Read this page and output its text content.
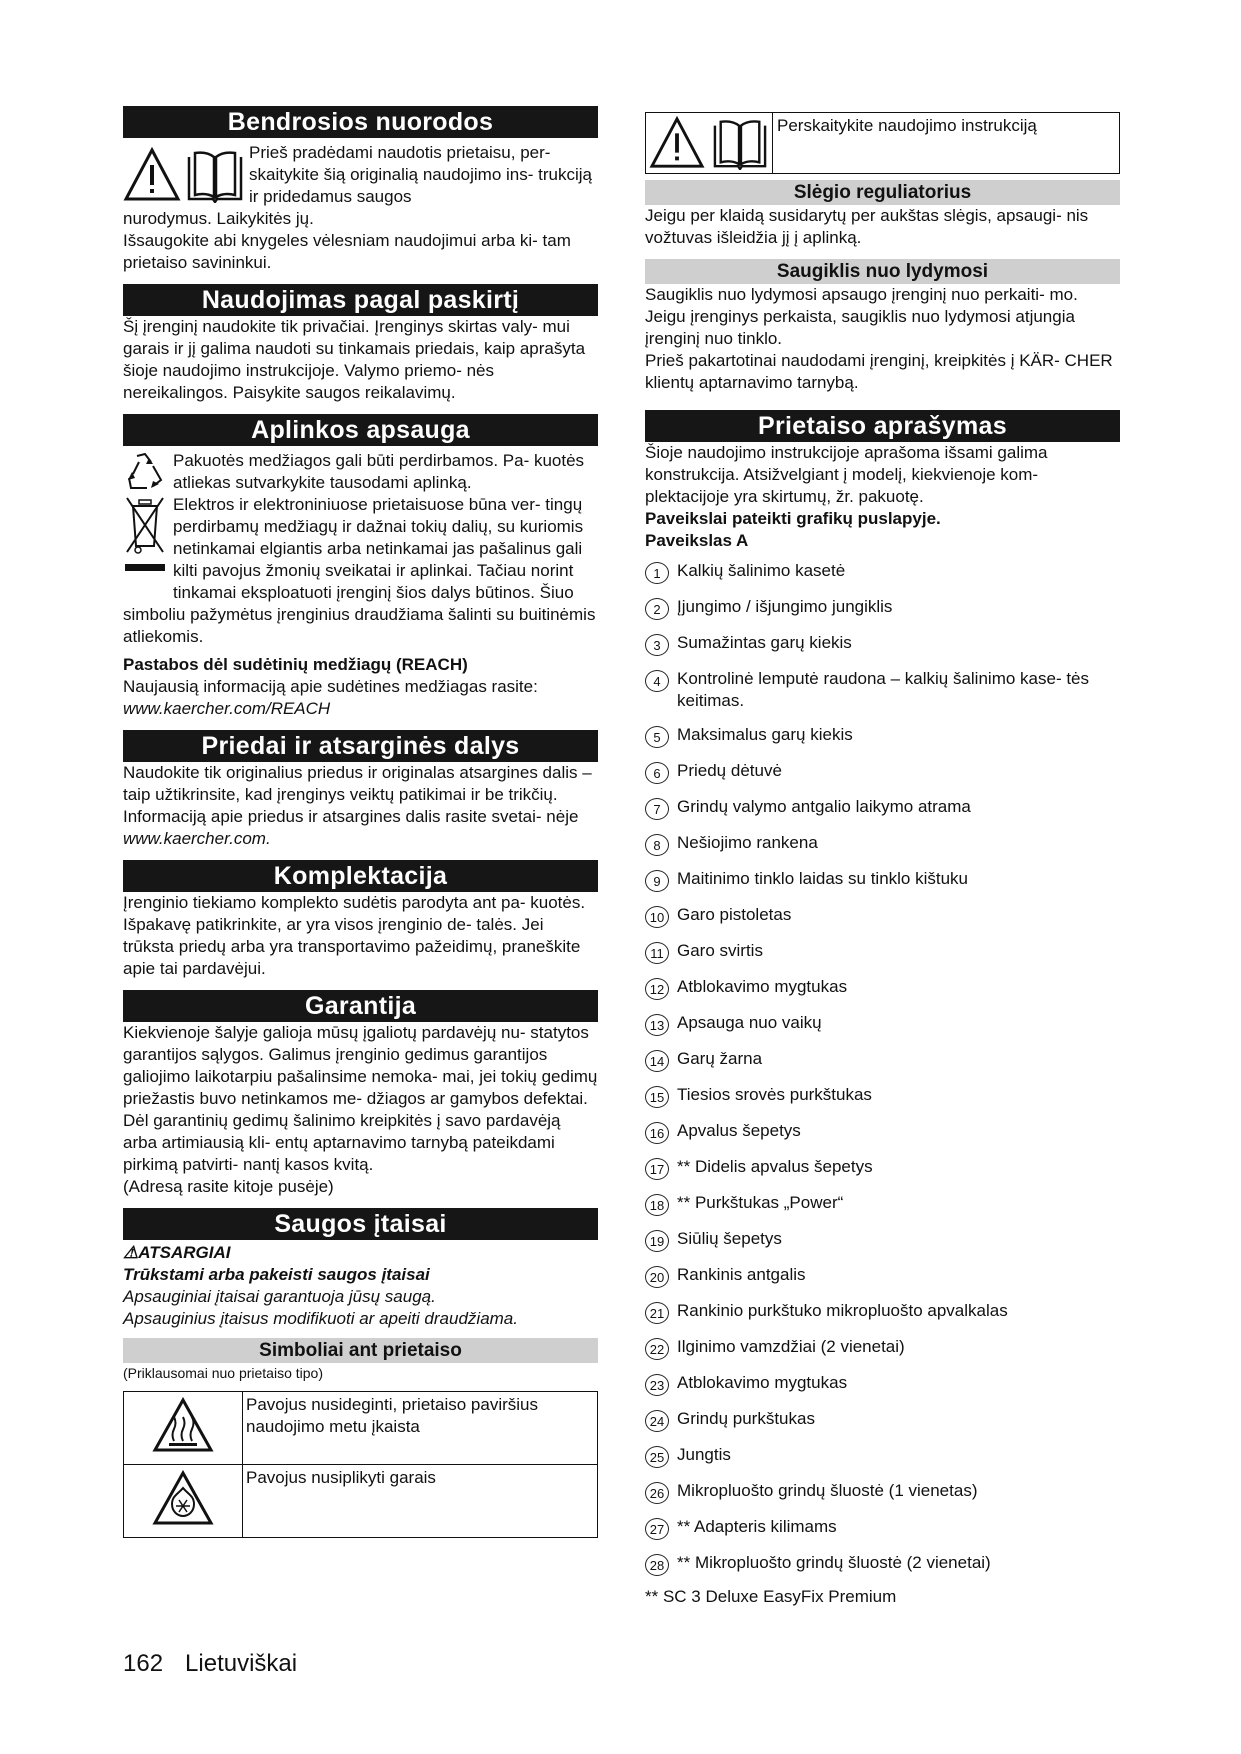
Bendrosios nuorodos

Prieš pradėdami naudotis prietaisu, per- skaitykite šią originalią naudojimo ins- trukciją ir pridedamus saugos

nurodymus. Laikykitės jų.

Išsaugokite abi knygeles vėlesniam naudojimui arba ki- tam prietaiso savininkui.

Naudojimas pagal paskirtį

Šį įrenginį naudokite tik privačiai. Įrenginys skirtas valy- mui garais ir jį galima naudoti su tinkamais priedais, kaip aprašyta šioje naudojimo instrukcijoje. Valymo priemo- nės nereikalingos. Paisykite saugos reikalavimų.

Aplinkos apsauga

Pakuotės medžiagos gali būti perdirbamos. Pa- kuotės atliekas sutvarkykite tausodami aplinką.

Elektros ir elektroniniuose prietaisuose būna ver- tingų perdirbamų medžiagų ir dažnai tokių dalių, su kuriomis netinkamai elgiantis arba netinkamai jas pašalinus gali kilti pavojus žmonių sveikatai ir aplinkai. Tačiau norint tinkamai eksploatuoti įrenginį šios dalys būtinos. Šiuo simboliu pažymėtus įrenginius draudžiama šalinti su buitinėmis atliekomis.

Pastabos dėl sudėtinių medžiagų (REACH)

Naujausią informaciją apie sudėtines medžiagas rasite:

www.kaercher.com/REACH

Priedai ir atsarginės dalys

Naudokite tik originalius priedus ir originalas atsargines dalis – taip užtikrinsite, kad įrenginys veiktų patikimai ir be trikčių.

Informaciją apie priedus ir atsargines dalis rasite svetai- nėje www.kaercher.com.

Komplektacija

Įrenginio tiekiamo komplekto sudėtis parodyta ant pa- kuotės. Išpakavę patikrinkite, ar yra visos įrenginio de- talės. Jei trūksta priedų arba yra transportavimo pažeidimų, praneškite apie tai pardavėjui.

Garantija

Kiekvienoje šalyje galioja mūsų įgaliotų pardavėjų nu- statytos garantijos sąlygos. Galimus įrenginio gedimus garantijos galiojimo laikotarpiu pašalinsime nemoka- mai, jei tokių gedimų priežastis buvo netinkamos me- džiagos ar gamybos defektai. Dėl garantinių gedimų šalinimo kreipkitės į savo pardavėją arba artimiausią kli- entų aptarnavimo tarnybą pateikdami pirkimą patvirti- nantį kasos kvitą.

(Adresą rasite kitoje pusėje)

Saugos įtaisai

⚠ATSARGIAI

Trūkstami arba pakeisti saugos įtaisai

Apsauginiai įtaisai garantuoja jūsų saugą.

Apsauginius įtaisus modifikuoti ar apeiti draudžiama.

Simboliai ant prietaiso

(Priklausomai nuo prietaiso tipo)

	Pavojus nusideginti, prietaiso paviršius naudojimo metu įkaista
	Pavojus nusiplikyti garais
Perskaitykite naudojimo instrukciją
Slėgio reguliatorius

Jeigu per klaidą susidarytų per aukštas slėgis, apsaugi- nis vožtuvas išleidžia jį į aplinką.

Saugiklis nuo lydymosi

Saugiklis nuo lydymosi apsaugo įrenginį nuo perkaiti- mo. Jeigu įrenginys perkaista, saugiklis nuo lydymosi atjungia įrenginį nuo tinklo.

Prieš pakartotinai naudodami įrenginį, kreipkitės į KÄR- CHER klientų aptarnavimo tarnybą.

Prietaiso aprašymas

Šioje naudojimo instrukcijoje aprašoma išsami galima konstrukcija. Atsižvelgiant į modelį, kiekvienoje kom- plektacijoje yra skirtumų, žr. pakuotę.

Paveikslai pateikti grafikų puslapyje.

Paveikslas A

1 Kalkių šalinimo kasetė
2 Įjungimo / išjungimo jungiklis
3 Sumažintas garų kiekis
4 Kontrolinė lemputė raudona – kalkių šalinimo kase- tės keitimas.
5 Maksimalus garų kiekis
6 Priedų dėtuvė
7 Grindų valymo antgalio laikymo atrama
8 Nešiojimo rankena
9 Maitinimo tinklo laidas su tinklo kištuku
10 Garo pistoletas
11 Garo svirtis
12 Atblokavimo mygtukas
13 Apsauga nuo vaikų
14 Garų žarna
15 Tiesios srovės purkštukas
16 Apvalus šepetys
17 ** Didelis apvalus šepetys
18 ** Purkštukas „Power“
19 Siūlių šepetys
20 Rankinis antgalis
21 Rankinio purkštuko mikropluošto apvalkalas
22 Ilginimo vamzdžiai (2 vienetai)
23 Atblokavimo mygtukas
24 Grindų purkštukas
25 Jungtis
26 Mikropluošto grindų šluostė (1 vienetas)
27 ** Adapteris kilimams
28 ** Mikropluošto grindų šluostė (2 vienetai)

** SC 3 Deluxe EasyFix Premium

162 Lietuviškai
